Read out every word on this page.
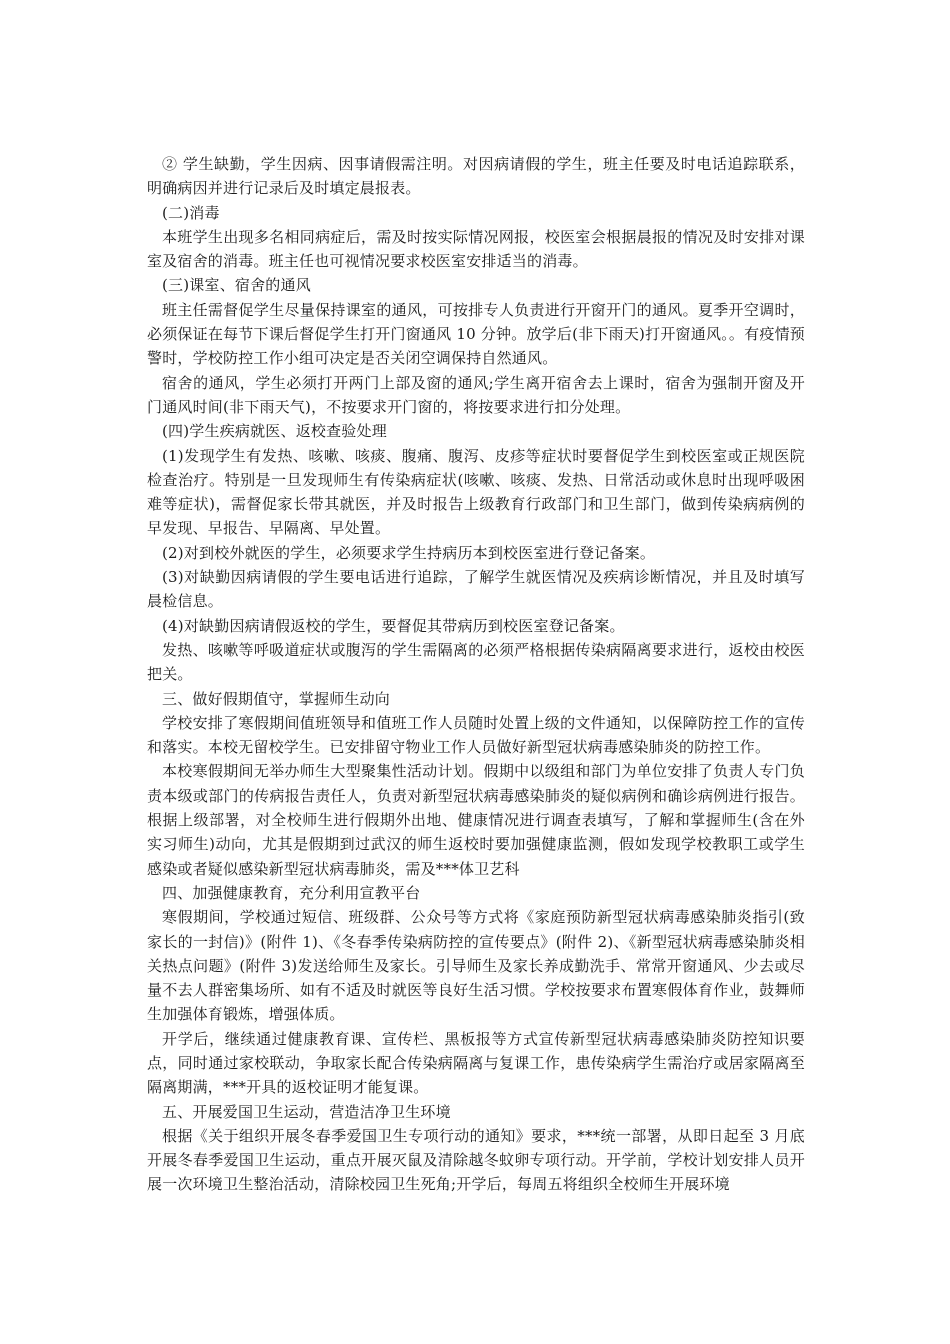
② 学生缺勤，学生因病、因事请假需注明。对因病请假的学生，班主任要及时电话追踪联系，明确病因并进行记录后及时填定晨报表。

(二)消毒

本班学生出现多名相同病症后，需及时按实际情况网报，校医室会根据晨报的情况及时安排对课室及宿舍的消毒。班主任也可视情况要求校医室安排适当的消毒。

(三)课室、宿舍的通风

班主任需督促学生尽量保持课室的通风，可按排专人负责进行开窗开门的通风。夏季开空调时，必须保证在每节下课后督促学生打开门窗通风 10 分钟。放学后(非下雨天)打开窗通风。。有疫情预警时，学校防控工作小组可决定是否关闭空调保持自然通风。

宿舍的通风，学生必须打开两门上部及窗的通风;学生离开宿舍去上课时，宿舍为强制开窗及开门通风时间(非下雨天气)，不按要求开门窗的，将按要求进行扣分处理。

(四)学生疾病就医、返校查验处理

(1)发现学生有发热、咳嗽、咳痰、腹痛、腹泻、皮疹等症状时要督促学生到校医室或正规医院检查治疗。特别是一旦发现师生有传染病症状(咳嗽、咳痰、发热、日常活动或休息时出现呼吸困难等症状)，需督促家长带其就医，并及时报告上级教育行政部门和卫生部门，做到传染病病例的早发现、早报告、早隔离、早处置。

(2)对到校外就医的学生，必须要求学生持病历本到校医室进行登记备案。

(3)对缺勤因病请假的学生要电话进行追踪，了解学生就医情况及疾病诊断情况，并且及时填写晨检信息。

(4)对缺勤因病请假返校的学生，要督促其带病历到校医室登记备案。

发热、咳嗽等呼吸道症状或腹泻的学生需隔离的必须严格根据传染病隔离要求进行，返校由校医把关。

三、做好假期值守，掌握师生动向

学校安排了寒假期间值班领导和值班工作人员随时处置上级的文件通知，以保障防控工作的宣传和落实。本校无留校学生。已安排留守物业工作人员做好新型冠状病毒感染肺炎的防控工作。

本校寒假期间无举办师生大型聚集性活动计划。假期中以级组和部门为单位安排了负责人专门负责本级或部门的传病报告责任人，负责对新型冠状病毒感染肺炎的疑似病例和确诊病例进行报告。根据上级部署，对全校师生进行假期外出地、健康情况进行调查表填写，了解和掌握师生(含在外实习师生)动向，尤其是假期到过武汉的师生返校时要加强健康监测，假如发现学校教职工或学生感染或者疑似感染新型冠状病毒肺炎，需及***体卫艺科

四、加强健康教育，充分利用宣教平台

寒假期间，学校通过短信、班级群、公众号等方式将《家庭预防新型冠状病毒感染肺炎指引(致家长的一封信)》(附件 1)、《冬春季传染病防控的宣传要点》(附件 2)、《新型冠状病毒感染肺炎相关热点问题》(附件 3)发送给师生及家长。引导师生及家长养成勤洗手、常常开窗通风、少去或尽量不去人群密集场所、如有不适及时就医等良好生活习惯。学校按要求布置寒假体育作业，鼓舞师生加强体育锻炼，增强体质。

开学后，继续通过健康教育课、宣传栏、黑板报等方式宣传新型冠状病毒感染肺炎防控知识要点，同时通过家校联动，争取家长配合传染病隔离与复课工作，患传染病学生需治疗或居家隔离至隔离期满，***开具的返校证明才能复课。

五、开展爱国卫生运动，营造洁净卫生环境

根据《关于组织开展冬春季爱国卫生专项行动的通知》要求，***统一部署，从即日起至 3 月底开展冬春季爱国卫生运动，重点开展灭鼠及清除越冬蚊卵专项行动。开学前，学校计划安排人员开展一次环境卫生整治活动，清除校园卫生死角;开学后，每周五将组织全校师生开展环境
